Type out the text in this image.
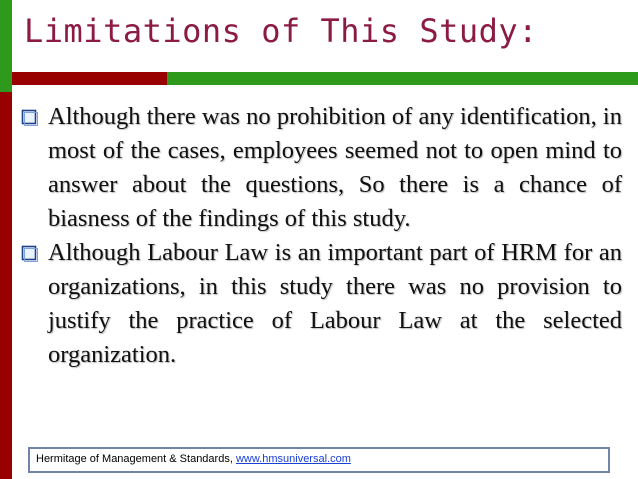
Limitations of This Study:
Although there was no prohibition of any identification, in most of the cases, employees seemed not to open mind to answer about the questions, So there is a chance of biasness of the findings of this study.
Although Labour Law is an important part of HRM for an organizations, in this study there was no provision to justify the practice of Labour Law at the selected organization.
Hermitage of Management & Standards, www.hmsuniversal.com
